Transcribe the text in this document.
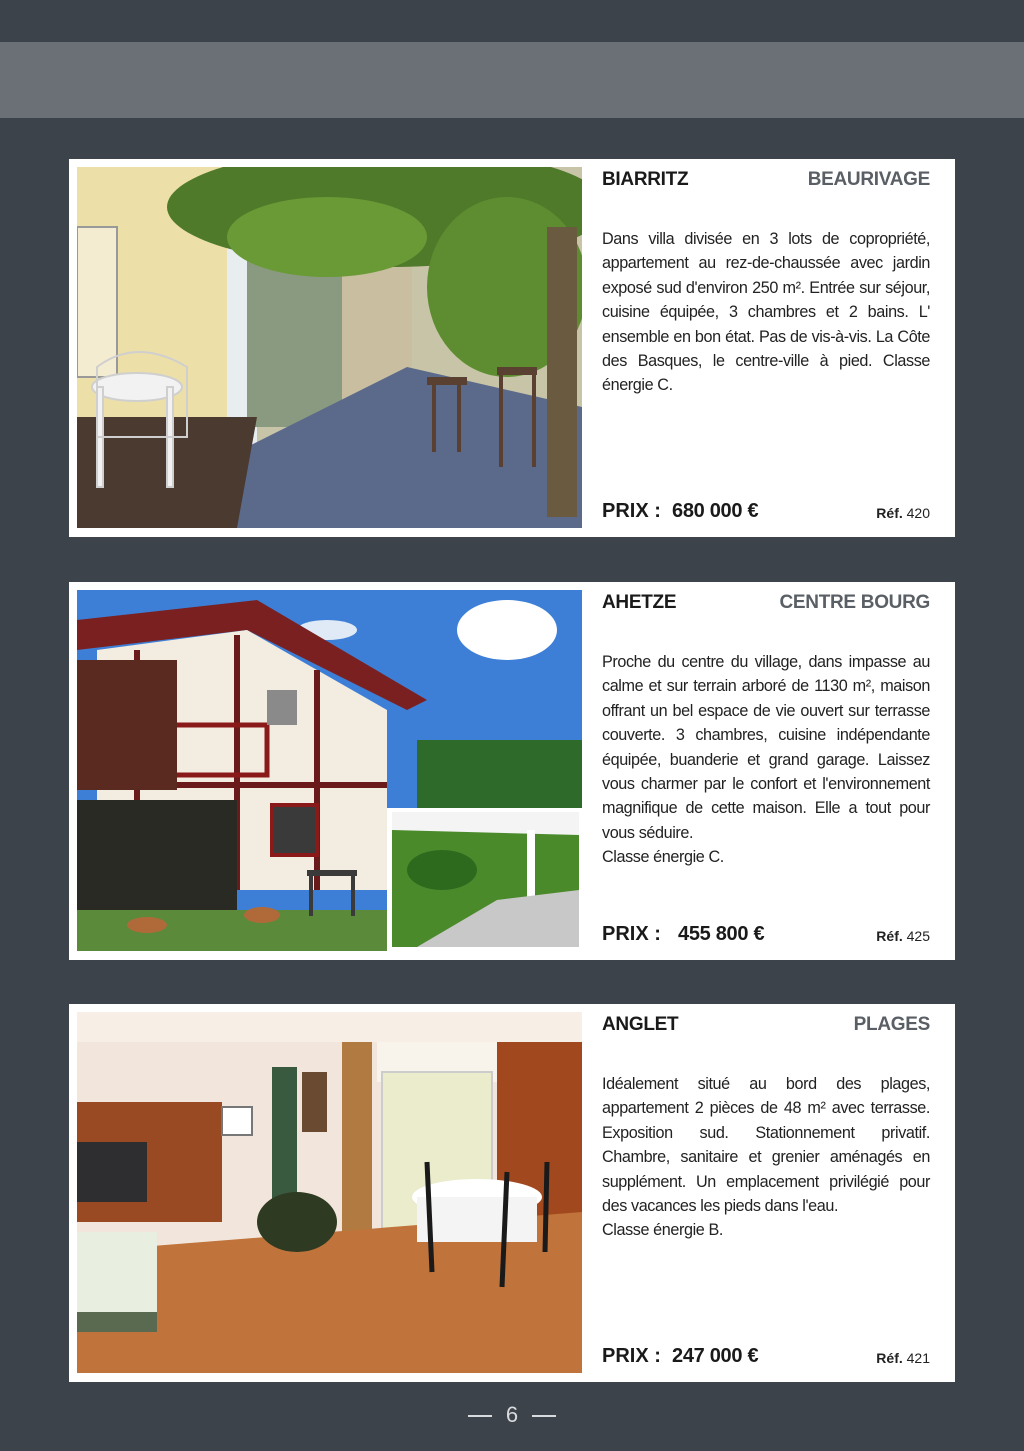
BIARRITZ	BEAURIVAGE

Dans villa divisée en 3 lots de copropriété, appartement au rez-de-chaussée avec jardin exposé sud d'environ 250 m². Entrée sur séjour, cuisine équipée, 3 chambres et 2 bains. L' ensemble en bon état. Pas de vis-à-vis. La Côte des Basques, le centre-ville à pied. Classe énergie C.

PRIX : 680 000 €	Réf. 420
AHETZE	CENTRE BOURG

Proche du centre du village, dans impasse au calme et sur terrain arboré de 1130 m², maison offrant un bel espace de vie ouvert sur terrasse couverte. 3 chambres, cuisine indépendante équipée, buanderie et grand garage. Laissez vous charmer par le confort et l'environnement magnifique de cette maison. Elle a tout pour vous séduire.

Classe énergie C.

PRIX : 455 800 €	Réf. 425
ANGLET	PLAGES

Idéalement situé au bord des plages, appartement 2 pièces de 48 m² avec terrasse. Exposition sud. Stationnement privatif. Chambre, sanitaire et grenier aménagés en supplément. Un emplacement privilégié pour des vacances les pieds dans l'eau.

Classe énergie B.

PRIX : 247 000 €	Réf. 421
6
